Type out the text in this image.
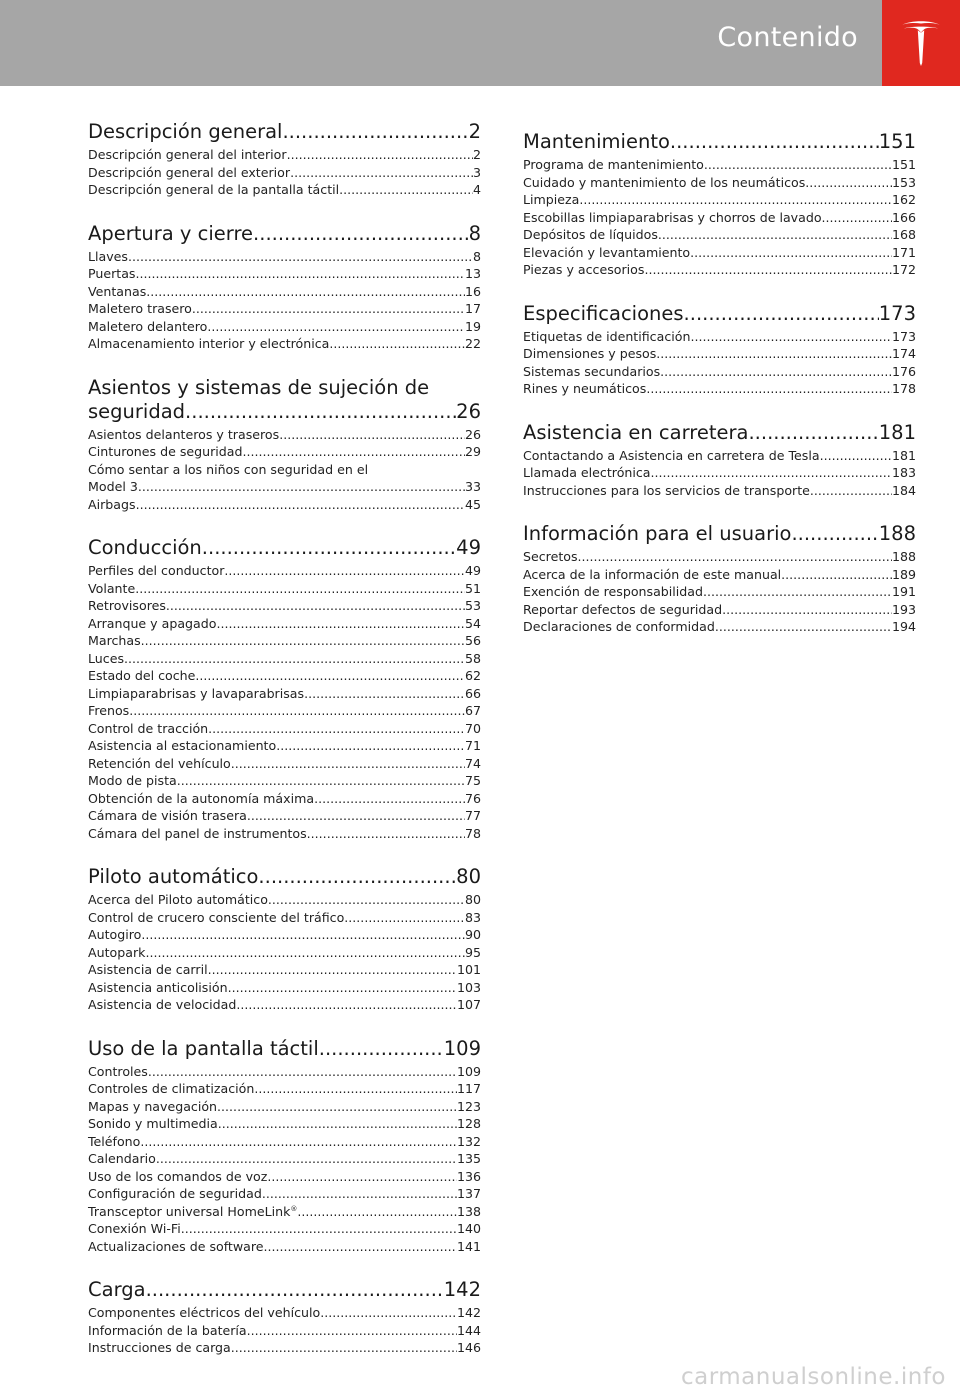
Contenido
Descripción general .....	2
Descripción general del interior .....	2
Descripción general del exterior .....	3
Descripción general de la pantalla táctil .....	4
Apertura y cierre .....	8
Llaves .....	8
Puertas .....	13
Ventanas .....	16
Maletero trasero .....	17
Maletero delantero .....	19
Almacenamiento interior y electrónica .....	22
Asientos y sistemas de sujeción de
seguridad .....	26
Asientos delanteros y traseros .....	26
Cinturones de seguridad .....	29
Cómo sentar a los niños con seguridad en el
Model 3 .....	33
Airbags .....	45
Conducción .....	49
Perfiles del conductor .....	49
Volante .....	51
Retrovisores .....	53
Arranque y apagado .....	54
Marchas .....	56
Luces .....	58
Estado del coche .....	62
Limpiaparabrisas y lavaparabrisas .....	66
Frenos .....	67
Control de tracción .....	70
Asistencia al estacionamiento .....	71
Retención del vehículo .....	74
Modo de pista .....	75
Obtención de la autonomía máxima .....	76
Cámara de visión trasera .....	77
Cámara del panel de instrumentos .....	78
Piloto automático .....	80
Acerca del Piloto automático .....	80
Control de crucero consciente del tráfico .....	83
Autogiro .....	90
Autopark .....	95
Asistencia de carril .....	101
Asistencia anticolisión .....	103
Asistencia de velocidad .....	107
Uso de la pantalla táctil .....	109
Controles .....	109
Controles de climatización .....	117
Mapas y navegación .....	123
Sonido y multimedia .....	128
Teléfono .....	132
Calendario .....	135
Uso de los comandos de voz .....	136
Configuración de seguridad .....	137
Transceptor universal HomeLink® .....	138
Conexión Wi-Fi .....	140
Actualizaciones de software .....	141
Carga .....	142
Componentes eléctricos del vehículo .....	142
Información de la batería .....	144
Instrucciones de carga .....	146
Mantenimiento .....	151
Programa de mantenimiento .....	151
Cuidado y mantenimiento de los neumáticos .....	153
Limpieza .....	162
Escobillas limpiaparabrisas y chorros de lavado .....	166
Depósitos de líquidos .....	168
Elevación y levantamiento .....	171
Piezas y accesorios .....	172
Especificaciones .....	173
Etiquetas de identificación .....	173
Dimensiones y pesos .....	174
Sistemas secundarios .....	176
Rines y neumáticos .....	178
Asistencia en carretera .....	181
Contactando a Asistencia en carretera de Tesla .....	181
Llamada electrónica .....	183
Instrucciones para los servicios de transporte .....	184
Información para el usuario .....	188
Secretos .....	188
Acerca de la información de este manual .....	189
Exención de responsabilidad .....	191
Reportar defectos de seguridad .....	193
Declaraciones de conformidad .....	194
carmanualsonline.info
